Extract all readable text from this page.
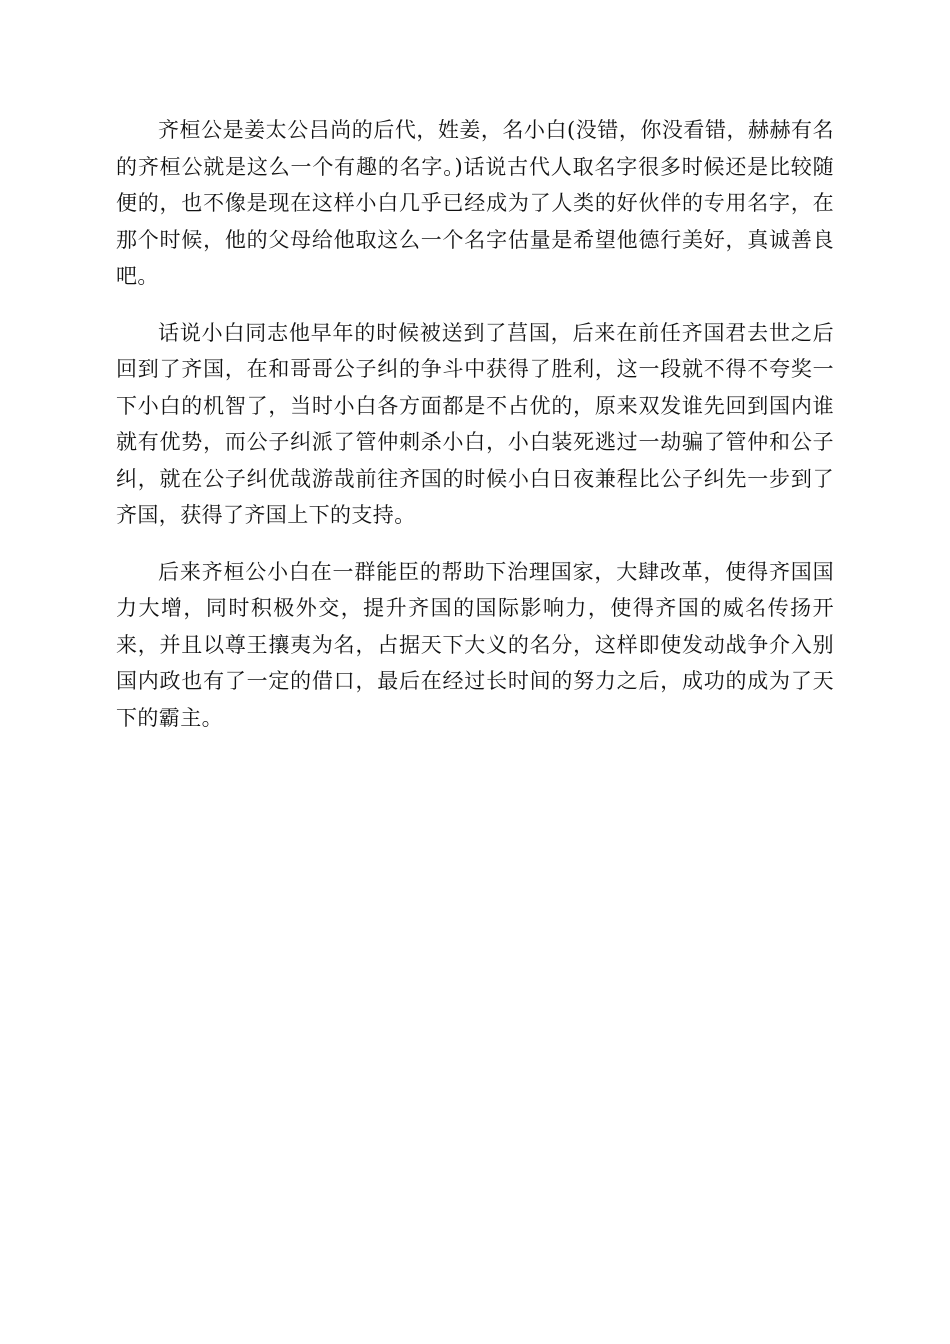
齐桓公是姜太公吕尚的后代，姓姜，名小白(没错，你没看错，赫赫有名的齐桓公就是这么一个有趣的名字。)话说古代人取名字很多时候还是比较随便的，也不像是现在这样小白几乎已经成为了人类的好伙伴的专用名字，在那个时候，他的父母给他取这么一个名字估量是希望他德行美好，真诚善良吧。

话说小白同志他早年的时候被送到了莒国，后来在前任齐国君去世之后回到了齐国，在和哥哥公子纠的争斗中获得了胜利，这一段就不得不夸奖一下小白的机智了，当时小白各方面都是不占优的，原来双发谁先回到国内谁就有优势，而公子纠派了管仲刺杀小白，小白装死逃过一劫骗了管仲和公子纠，就在公子纠优哉游哉前往齐国的时候小白日夜兼程比公子纠先一步到了齐国，获得了齐国上下的支持。

后来齐桓公小白在一群能臣的帮助下治理国家，大肆改革，使得齐国国力大增，同时积极外交，提升齐国的国际影响力，使得齐国的威名传扬开来，并且以尊王攘夷为名，占据天下大义的名分，这样即使发动战争介入别国内政也有了一定的借口，最后在经过长时间的努力之后，成功的成为了天下的霸主。
